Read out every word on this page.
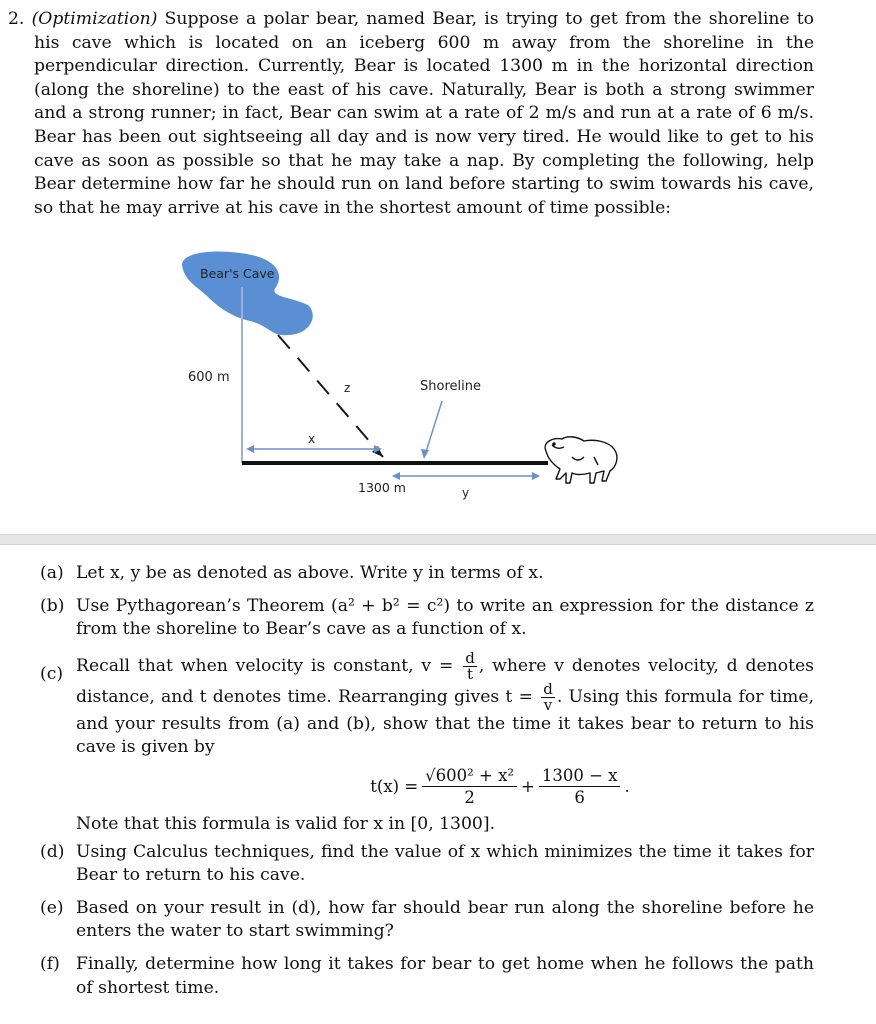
2. (Optimization) Suppose a polar bear, named Bear, is trying to get from the shoreline to his cave which is located on an iceberg 600 m away from the shoreline in the perpendicular direction. Currently, Bear is located 1300 m in the horizontal direction (along the shoreline) to the east of his cave. Naturally, Bear is both a strong swimmer and a strong runner; in fact, Bear can swim at a rate of 2 m/s and run at a rate of 6 m/s. Bear has been out sightseeing all day and is now very tired. He would like to get to his cave as soon as possible so that he may take a nap. By completing the following, help Bear determine how far he should run on land before starting to swim towards his cave, so that he may arrive at his cave in the shortest amount of time possible:
Bear's Cave
600 m
z
x
Shoreline
1300 m	y
(a) Let x, y be as denoted as above. Write y in terms of x.
(b) Use Pythagorean’s Theorem (a² + b² = c²) to write an expression for the distance z from the shoreline to Bear’s cave as a function of x.
(c) Recall that when velocity is constant, $v = \frac{d}{t}$ , where v denotes velocity, d denotes distance, and t denotes time. Rearranging gives $t = \frac{d}{v}$ . Using this formula for time, and your results from (a) and (b), show that the time it takes bear to return to his cave is given by
$t(x) = \frac{\text{√600² + x²}}{2} + \frac{1300 - x}{6}$ .
Note that this formula is valid for x in [0, 1300].
(d) Using Calculus techniques, find the value of x which minimizes the time it takes for Bear to return to his cave.
(e) Based on your result in (d), how far should bear run along the shoreline before he enters the water to start swimming?
(f) Finally, determine how long it takes for bear to get home when he follows the path of shortest time.
